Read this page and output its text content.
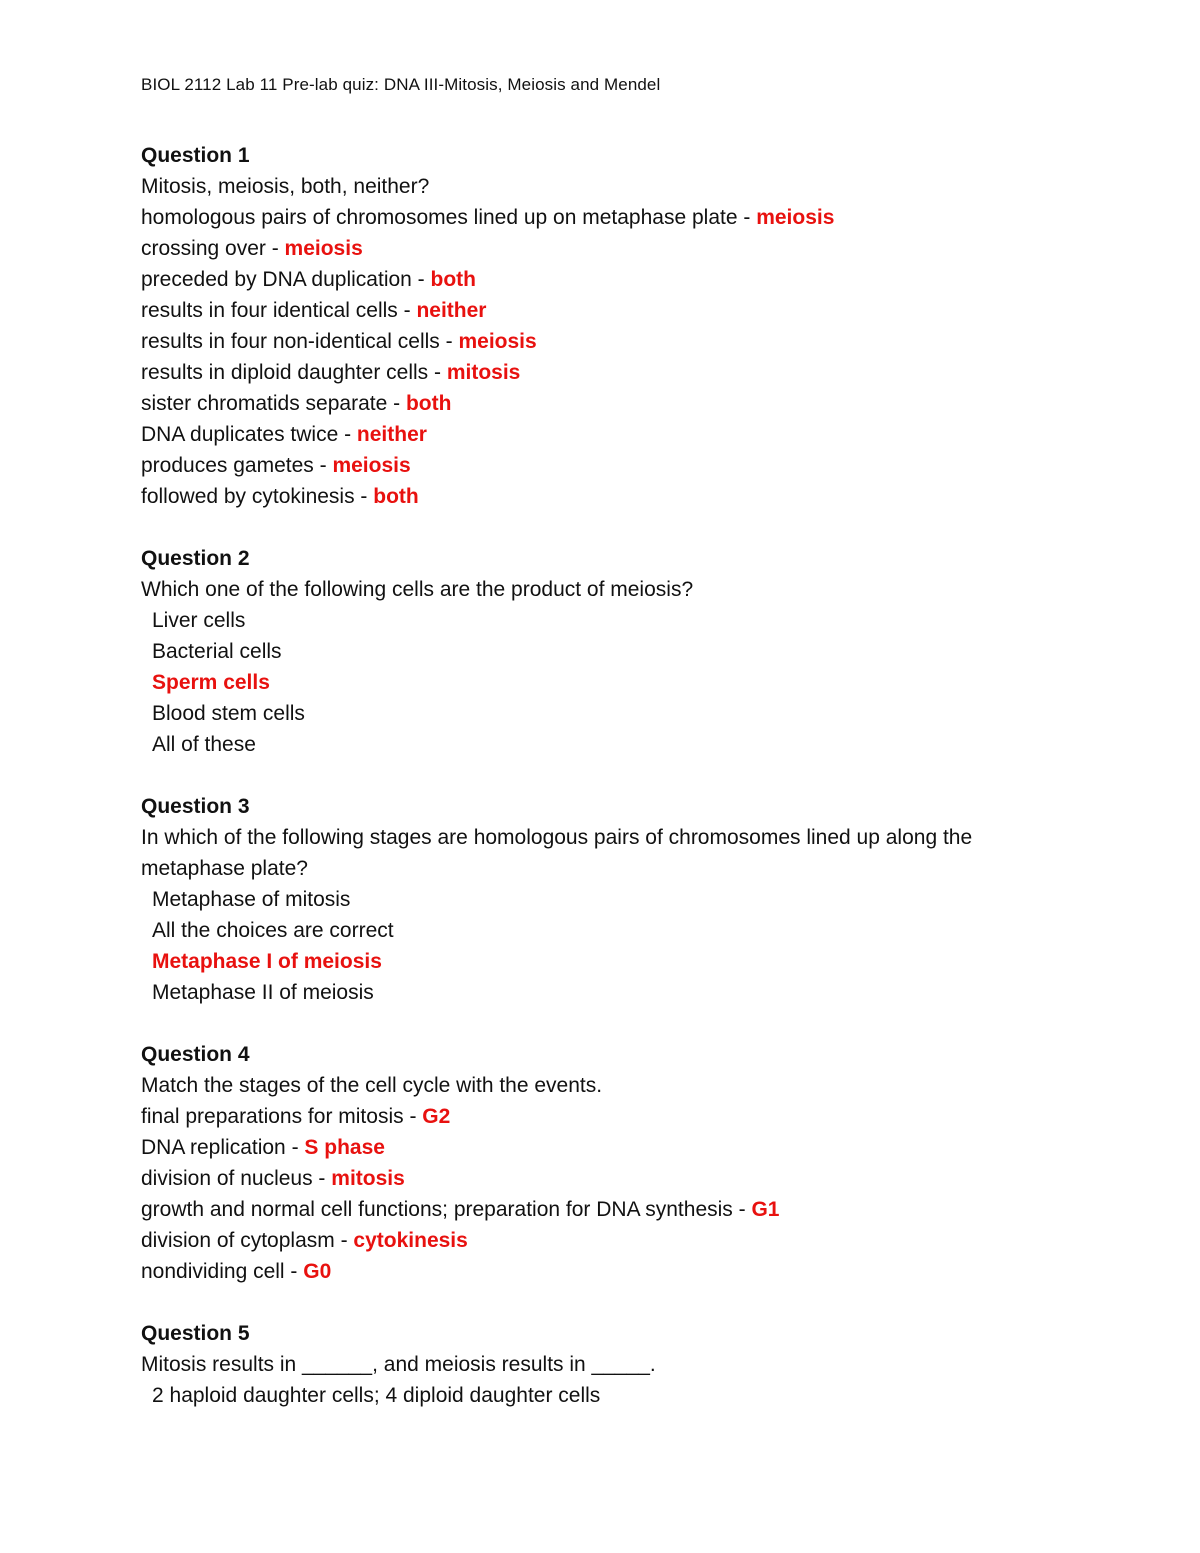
BIOL 2112 Lab 11 Pre-lab quiz: DNA III-Mitosis, Meiosis and Mendel
Question 1
Mitosis, meiosis, both, neither?
homologous pairs of chromosomes lined up on metaphase plate - meiosis
crossing over - meiosis
preceded by DNA duplication - both
results in four identical cells - neither
results in four non-identical cells - meiosis
results in diploid daughter cells - mitosis
sister chromatids separate - both
DNA duplicates twice - neither
produces gametes - meiosis
followed by cytokinesis - both
Question 2
Which one of the following cells are the product of meiosis?
Liver cells
Bacterial cells
Sperm cells
Blood stem cells
All of these
Question 3
In which of the following stages are homologous pairs of chromosomes lined up along the metaphase plate?
Metaphase of mitosis
All the choices are correct
Metaphase I of meiosis
Metaphase II of meiosis
Question 4
Match the stages of the cell cycle with the events.
final preparations for mitosis - G2
DNA replication - S phase
division of nucleus - mitosis
growth and normal cell functions; preparation for DNA synthesis - G1
division of cytoplasm - cytokinesis
nondividing cell - G0
Question 5
Mitosis results in ______, and meiosis results in _____.
2 haploid daughter cells; 4 diploid daughter cells
